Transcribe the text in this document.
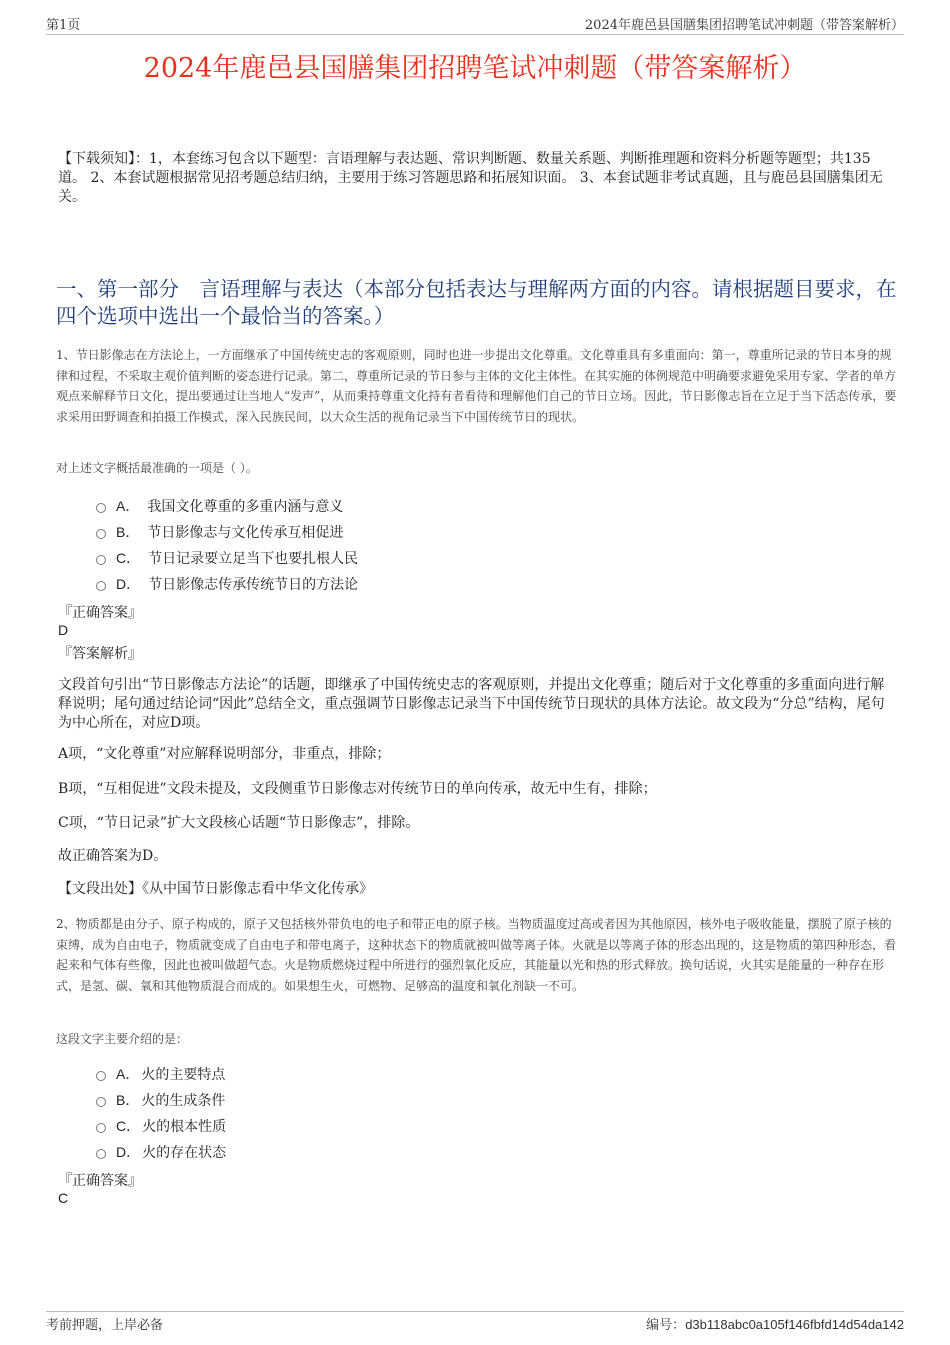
第1页	2024年鹿邑县国膳集团招聘笔试冲刺题（带答案解析）
2024年鹿邑县国膳集团招聘笔试冲刺题（带答案解析）
【下载须知】：1，本套练习包含以下题型：言语理解与表达题、常识判断题、数量关系题、判断推理题和资料分析题等题型；共135道。 2、本套试题根据常见招考题总结归纳，主要用于练习答题思路和拓展知识面。 3、本套试题非考试真题，且与鹿邑县国膳集团无关。
一、第一部分　言语理解与表达（本部分包括表达与理解两方面的内容。请根据题目要求，在四个选项中选出一个最恰当的答案。）
1、节日影像志在方法论上，一方面继承了中国传统史志的客观原则，同时也进一步提出文化尊重。文化尊重具有多重面向：第一，尊重所记录的节日本身的规律和过程，不采取主观价值判断的姿态进行记录。第二，尊重所记录的节日参与主体的文化主体性。在其实施的体例规范中明确要求避免采用专家、学者的单方观点来解释节日文化，提出要通过让当地人“发声”，从而秉持尊重文化持有者看待和理解他们自己的节日立场。因此，节日影像志旨在立足于当下活态传承，要求采用田野调查和拍摄工作模式，深入民族民间，以大众生活的视角记录当下中国传统节日的现状。
对上述文字概括最准确的一项是（ ）。
A． 我国文化尊重的多重内涵与意义
B． 节日影像志与文化传承互相促进
C． 节日记录要立足当下也要扎根人民
D． 节日影像志传承传统节日的方法论
『正确答案』
D
『答案解析』
文段首句引出“节日影像志方法论”的话题，即继承了中国传统史志的客观原则，并提出文化尊重；随后对于文化尊重的多重面向进行解释说明；尾句通过结论词“因此”总结全文，重点强调节日影像志记录当下中国传统节日现状的具体方法论。故文段为“分总”结构，尾句为中心所在，对应D项。
A项，“文化尊重”对应解释说明部分，非重点，排除；
B项，“互相促进”文段未提及，文段侧重节日影像志对传统节日的单向传承，故无中生有，排除；
C项，“节日记录”扩大文段核心话题“节日影像志”，排除。
故正确答案为D。
【文段出处】《从中国节日影像志看中华文化传承》
2、物质都是由分子、原子构成的，原子又包括核外带负电的电子和带正电的原子核。当物质温度过高或者因为其他原因，核外电子吸收能量，摆脱了原子核的束缚，成为自由电子，物质就变成了自由电子和带电离子，这种状态下的物质就被叫做等离子体。火就是以等离子体的形态出现的，这是物质的第四种形态，看起来和气体有些像，因此也被叫做超气态。火是物质燃烧过程中所进行的强烈氧化反应，其能量以光和热的形式释放。换句话说，火其实是能量的一种存在形式，是氢、碳、氧和其他物质混合而成的。如果想生火，可燃物、足够高的温度和氧化剂缺一不可。
这段文字主要介绍的是：
A． 火的主要特点
B． 火的生成条件
C． 火的根本性质
D． 火的存在状态
『正确答案』
C
考前押题，上岸必备	编号：d3b118abc0a105f146fbfd14d54da142
